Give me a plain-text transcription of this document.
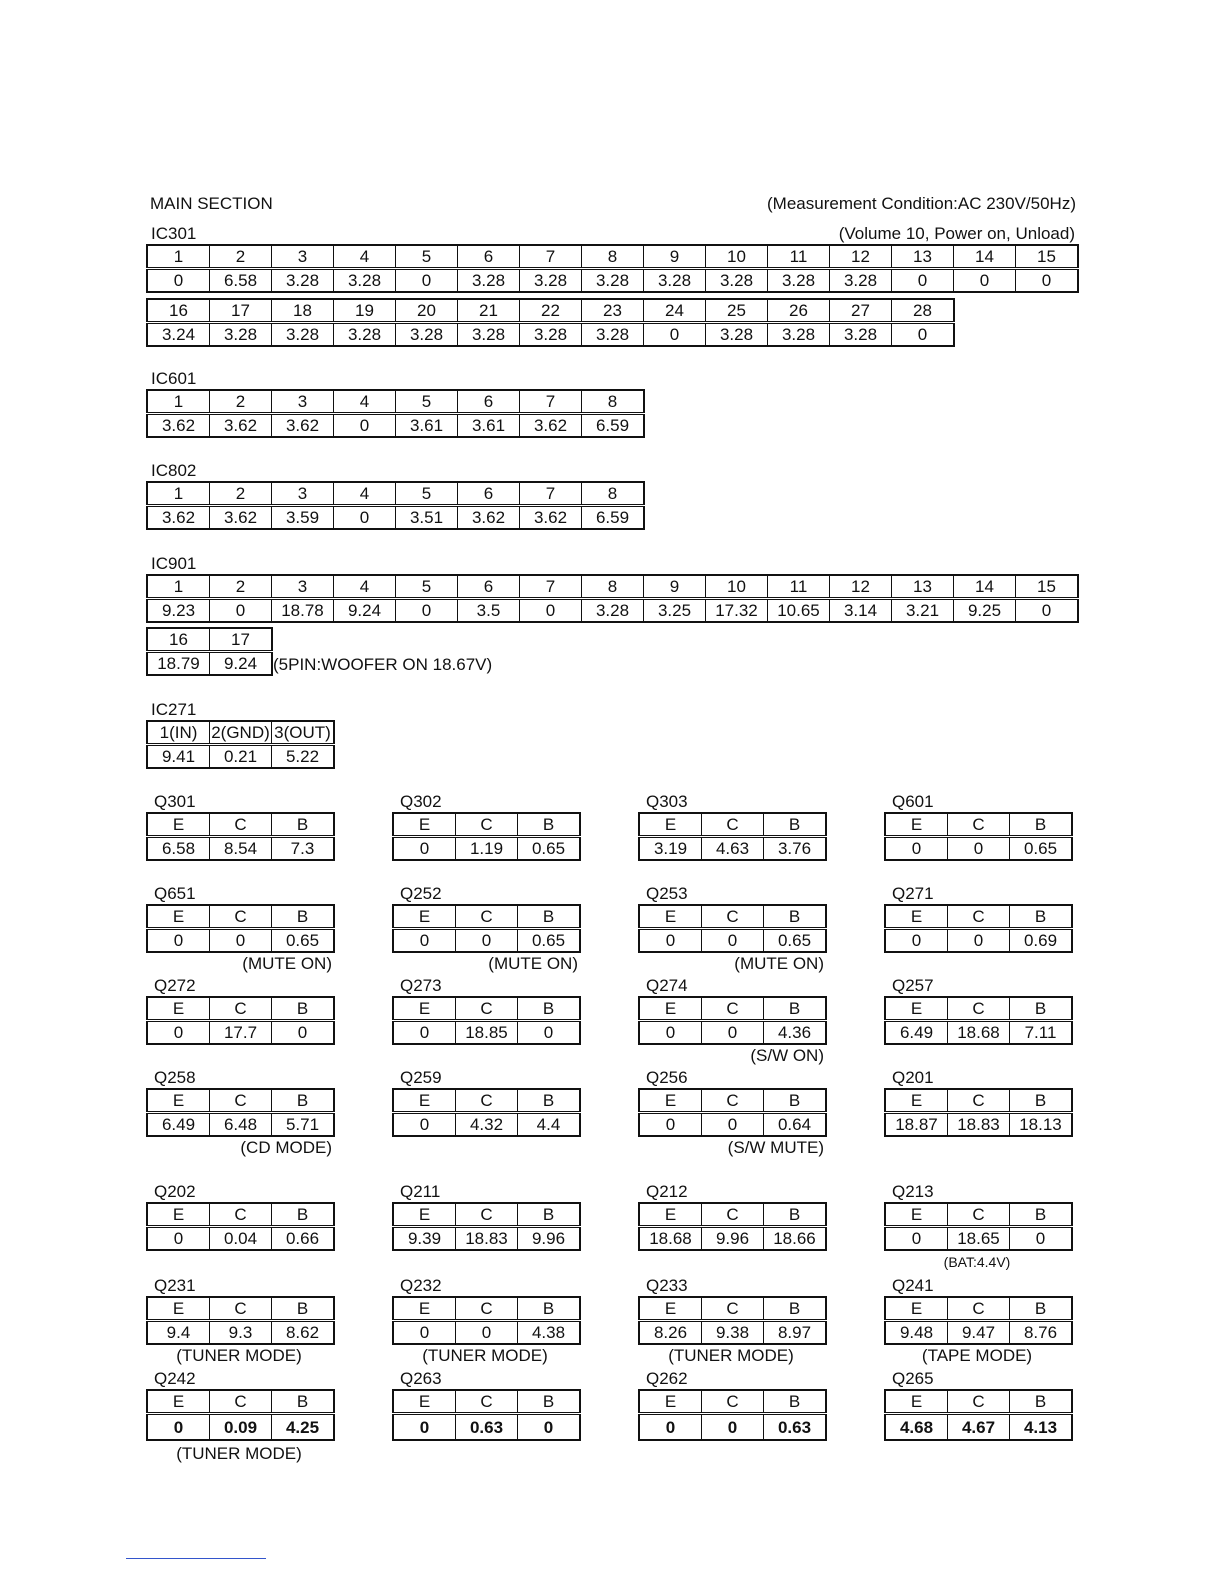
MAIN SECTION	(Measurement Condition:AC 230V/50Hz)
(Volume 10, Power on, Unload)
IC301
1	2	3	4	5	6	7	8	9	10	11	12	13	14	15
0	6.58	3.28	3.28	0	3.28	3.28	3.28	3.28	3.28	3.28	3.28	0	0	0
16	17	18	19	20	21	22	23	24	25	26	27	28
3.24	3.28	3.28	3.28	3.28	3.28	3.28	3.28	0	3.28	3.28	3.28	0
IC601
1	2	3	4	5	6	7	8
3.62	3.62	3.62	0	3.61	3.61	3.62	6.59
IC802
1	2	3	4	5	6	7	8
3.62	3.62	3.59	0	3.51	3.62	3.62	6.59
IC901
1	2	3	4	5	6	7	8	9	10	11	12	13	14	15
9.23	0	18.78	9.24	0	3.5	0	3.28	3.25	17.32	10.65	3.14	3.21	9.25	0
16	17
18.79	9.24 (5PIN:WOOFER ON 18.67V)
IC271
1(IN)	2(GND)	3(OUT)
9.41	0.21	5.22
Q301
E	C	B
6.58	8.54	7.3
Q302
E	C	B
0	1.19	0.65
Q303
E	C	B
3.19	4.63	3.76
Q601
E	C	B
0	0	0.65
Q651
E	C	B
0	0	0.65
(MUTE ON)
Q252
E	C	B
0	0	0.65
(MUTE ON)
Q253
E	C	B
0	0	0.65
(MUTE ON)
Q271
E	C	B
0	0	0.69
Q272
E	C	B
0	17.7	0
Q273
E	C	B
0	18.85	0
Q274
E	C	B
0	0	4.36
(S/W ON)
Q257
E	C	B
6.49	18.68	7.11
Q258
E	C	B
6.49	6.48	5.71
(CD MODE)
Q259
E	C	B
0	4.32	4.4
Q256
E	C	B
0	0	0.64
(S/W MUTE)
Q201
E	C	B
18.87	18.83	18.13
Q202
E	C	B
0	0.04	0.66
Q211
E	C	B
9.39	18.83	9.96
Q212
E	C	B
18.68	9.96	18.66
Q213
E	C	B
0	18.65	0
(BAT:4.4V)
Q231
E	C	B
9.4	9.3	8.62
(TUNER MODE)
Q232
E	C	B
0	0	4.38
(TUNER MODE)
Q233
E	C	B
8.26	9.38	8.97
(TUNER MODE)
Q241
E	C	B
9.48	9.47	8.76
(TAPE MODE)
Q242
E	C	B
0	0.09	4.25
(TUNER MODE)
Q263
E	C	B
0	0.63	0
Q262
E	C	B
0	0	0.63
Q265
E	C	B
4.68	4.67	4.13
